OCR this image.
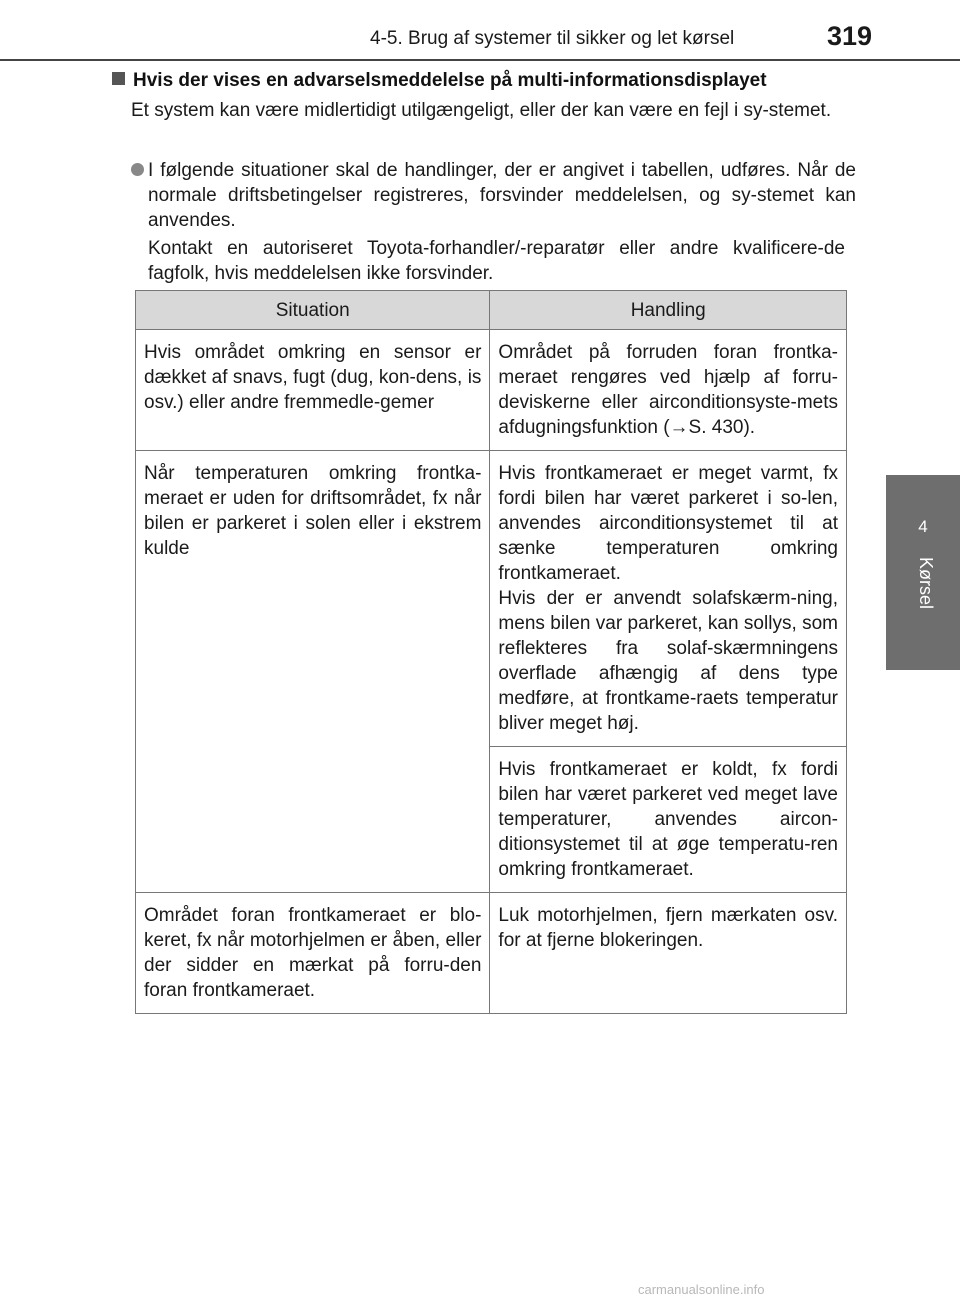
4-5. Brug af systemer til sikker og let kørsel	319
4
Kørsel
Hvis der vises en advarselsmeddelelse på multi-informationsdisplayet
Et system kan være midlertidigt utilgængeligt, eller der kan være en fejl i sy-stemet.
I følgende situationer skal de handlinger, der er angivet i tabellen, udføres. Når de normale driftsbetingelser registreres, forsvinder meddelelsen, og sy-stemet kan anvendes.
Kontakt en autoriseret Toyota-forhandler/-reparatør eller andre kvalificere-de fagfolk, hvis meddelelsen ikke forsvinder.
Situation	Handling
Hvis området omkring en sensor er dækket af snavs, fugt (dug, kon-dens, is osv.) eller andre fremmedle-gemer	Området på forruden foran frontka-meraet rengøres ved hjælp af forru-deviskerne eller airconditionsyste-mets afdugningsfunktion (→S. 430).
Når temperaturen omkring frontka-meraet er uden for driftsområdet, fx når bilen er parkeret i solen eller i ekstrem kulde	Hvis frontkameraet er meget varmt, fx fordi bilen har været parkeret i so-len, anvendes airconditionsystemet til at sænke temperaturen omkring frontkameraet.
Hvis der er anvendt solafskærm-ning, mens bilen var parkeret, kan sollys, som reflekteres fra solaf-skærmningens overflade afhængig af dens type medføre, at frontkame-raets temperatur bliver meget høj.

	Hvis frontkameraet er koldt, fx fordi bilen har været parkeret ved meget lave temperaturer, anvendes aircon-ditionsystemet til at øge temperatu-ren omkring frontkameraet.
Området foran frontkameraet er blo-keret, fx når motorhjelmen er åben, eller der sidder en mærkat på forru-den foran frontkameraet.	Luk motorhjelmen, fjern mærkaten osv. for at fjerne blokeringen.
carmanualsonline.info
